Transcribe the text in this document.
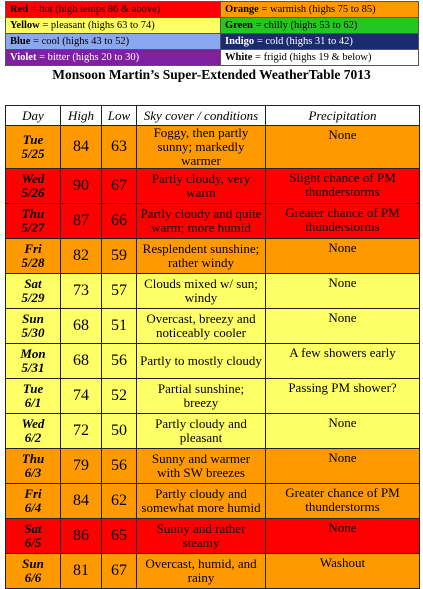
Red = hot (high temps 86 & above)	Orange = warmish (highs 75 to 85)
Yellow = pleasant (highs 63 to 74)	Green = chilly (highs 53 to 62)
Blue = cool (highs 43 to 52)	Indigo = cold (highs 31 to 42)
Violet = bitter (highs 20 to 30)	White = frigid (highs 19 & below)
Monsoon Martin’s Super-Extended WeatherTable 7013
Day	High	Low	Sky cover / conditions	Precipitation

Tue
5/25	84	63	Foggy, then partly sunny; markedly warmer	None

Wed
5/26	90	67	Partly cloudy, very warm	Slight chance of PM thunderstorms

Thu
5/27	87	66	Partly cloudy and quite warm; more humid	Greater chance of PM thunderstorms

Fri
5/28	82	59	Resplendent sunshine; rather windy	None

Sat
5/29	73	57	Clouds mixed w/ sun; windy	None

Sun
5/30	68	51	Overcast, breezy and noticeably cooler	None

Mon
5/31	68	56	Partly to mostly cloudy	A few showers early

Tue
6/1	74	52	Partial sunshine; breezy	Passing PM shower?

Wed
6/2	72	50	Partly cloudy and pleasant	None

Thu
6/3	79	56	Sunny and warmer with SW breezes	None

Fri
6/4	84	62	Partly cloudy and somewhat more humid	Greater chance of PM thunderstorms

Sat
6/5	86	65	Sunny and rather steamy	None

Sun
6/6	81	67	Overcast, humid, and rainy	Washout
